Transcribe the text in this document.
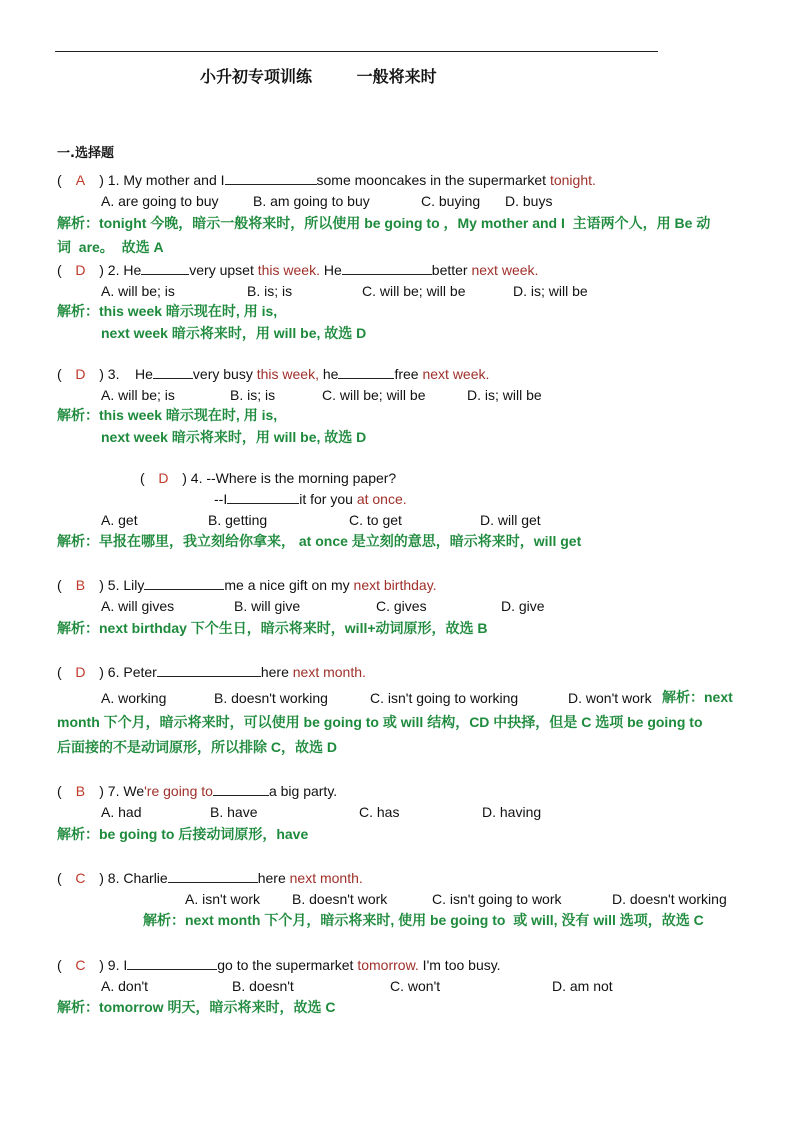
小升初专项训练        一般将来时
一.选择题
(  A ) 1. My mother and I	some mooncakes in the supermarket tonight.
A. are going to buy B. am going to buy	C. buying D. buys
解析：tonight 今晚，暗示一般将来时，所以使用 be going to ，My mother and I  主语两个人，用 Be 动
词  are。  故选 A
(  D ) 2. He	very upset this week. He	better next week.
A. will be; is	B. is; is	C. will be; will be	D. is; will be
解析：this week 暗示现在时, 用 is,
next week 暗示将来时，用 will be, 故选 D
(  D ) 3.    He	very busy this week, he	free next week.
A. will be; is	B. is; is	C. will be; will be	D. is; will be
解析：this week 暗示现在时, 用 is,
next week 暗示将来时，用 will be, 故选 D
(  D ) 4. --Where is the morning paper?
--I	it for you at once.
A. get	B. getting	C. to get	D. will get
解析：早报在哪里，我立刻给你拿来， at once 是立刻的意思，暗示将来时，will get
(  B ) 5. Lily	me a nice gift on my next birthday.
A. will gives	B. will give	C. gives	D. give
解析：next birthday 下个生日，暗示将来时，will+动词原形，故选 B
(  D ) 6. Peter	here next month.
A. working	B. doesn't working	C. isn't going to working	D. won't work 解析：next
month 下个月，暗示将来时，可以使用 be going to 或 will 结构，CD 中抉择，但是 C 选项 be going to
后面接的不是动词原形，所以排除 C，故选 D
(  B ) 7. We're going to	a big party.
A. had	B. have	C. has	D. having
解析：be going to 后接动词原形，have
(  C ) 8. Charlie	here next month.
A. isn't work B. doesn't work	C. isn't going to work	D. doesn't working
解析：next month 下个月，暗示将来时, 使用 be going to  或 will, 没有 will 选项，故选 C
(  C ) 9. I	go to the supermarket tomorrow. I'm too busy.
A. don't	B. doesn't	C. won't	D. am not
解析：tomorrow 明天，暗示将来时，故选 C
